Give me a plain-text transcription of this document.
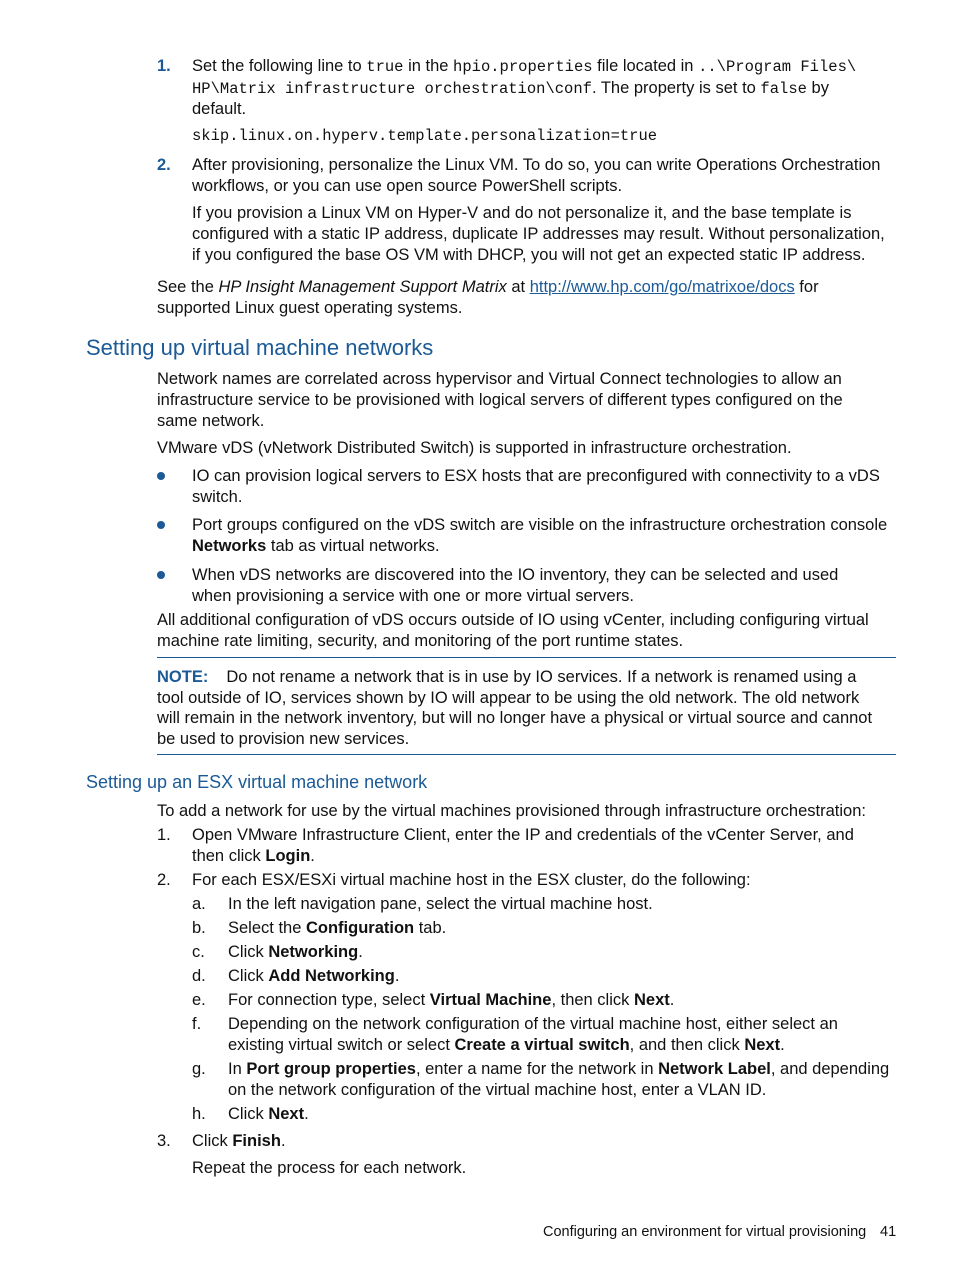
1.	Set the following line to true in the hpio.properties file located in ..\Program Files\

HP\Matrix infrastructure orchestration\conf. The property is set to false by

default.

skip.linux.on.hyperv.template.personalization=true

2.	After provisioning, personalize the Linux VM. To do so, you can write Operations Orchestration

workflows, or you can use open source PowerShell scripts.

If you provision a Linux VM on Hyper-V and do not personalize it, and the base template is

configured with a static IP address, duplicate IP addresses may result. Without personalization,

if you configured the base OS VM with DHCP, you will not get an expected static IP address.

See the HP Insight Management Support Matrix at http://www.hp.com/go/matrixoe/docs for

supported Linux guest operating systems.

Setting up virtual machine networks

Network names are correlated across hypervisor and Virtual Connect technologies to allow an

infrastructure service to be provisioned with logical servers of different types configured on the

same network.

VMware vDS (vNetwork Distributed Switch) is supported in infrastructure orchestration.

IO can provision logical servers to ESX hosts that are preconfigured with connectivity to a vDS

switch.

Port groups configured on the vDS switch are visible on the infrastructure orchestration console

Networks tab as virtual networks.

When vDS networks are discovered into the IO inventory, they can be selected and used

when provisioning a service with one or more virtual servers.

All additional configuration of vDS occurs outside of IO using vCenter, including configuring virtual

machine rate limiting, security, and monitoring of the port runtime states.

NOTE: Do not rename a network that is in use by IO services. If a network is renamed using a

tool outside of IO, services shown by IO will appear to be using the old network. The old network

will remain in the network inventory, but will no longer have a physical or virtual source and cannot

be used to provision new services.

Setting up an ESX virtual machine network

To add a network for use by the virtual machines provisioned through infrastructure orchestration:

1.	Open VMware Infrastructure Client, enter the IP and credentials of the vCenter Server, and

then click Login.

2.	For each ESX/ESXi virtual machine host in the ESX cluster, do the following:

a.	In the left navigation pane, select the virtual machine host.

b.	Select the Configuration tab.

c.	Click Networking.

d.	Click Add Networking.

e.	For connection type, select Virtual Machine, then click Next.

f.	Depending on the network configuration of the virtual machine host, either select an

existing virtual switch or select Create a virtual switch, and then click Next.

g.	In Port group properties, enter a name for the network in Network Label, and depending

on the network configuration of the virtual machine host, enter a VLAN ID.

h.	Click Next.

3.	Click Finish.

Repeat the process for each network.

Configuring an environment for virtual provisioning 41
